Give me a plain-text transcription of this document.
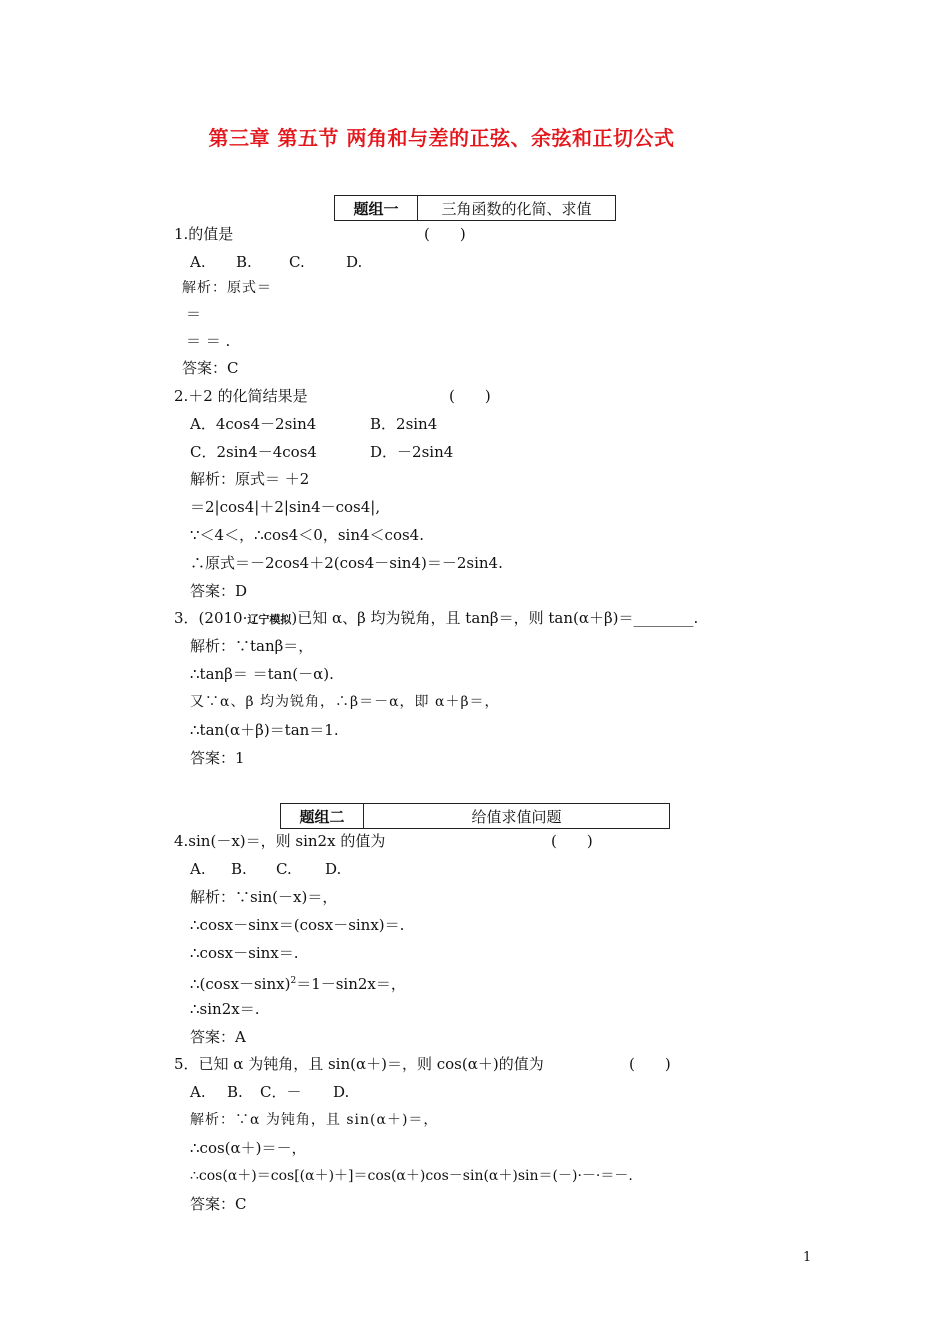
第三章 第五节 两角和与差的正弦、余弦和正切公式
题组一	三角函数的化简、求值
1.的值是	(　　)
A. B. C.	D.
解析：原式＝
＝
＝ ＝ .
答案：C
2.＋2 的化简结果是	(　　)
A．4cos4－2sin4	B．2sin4
C．2sin4－4cos4	D．－2sin4
解析：原式＝ ＋2
＝2|cos4|＋2|sin4－cos4|,
∵＜4＜，∴cos4＜0，sin4＜cos4.
∴原式＝－2cos4＋2(cos4－sin4)＝－2sin4.
答案：D
3．(2010·辽宁模拟)已知 α、β 均为锐角，且 tanβ＝，则 tan(α＋β)＝________.
解析：∵tanβ＝，
∴tanβ＝ ＝tan(－α).
又∵α、β 均为锐角，∴β＝－α，即 α＋β＝，
∴tan(α＋β)＝tan＝1.
答案：1
题组二	给值求值问题
4.sin(－x)＝，则 sin2x 的值为	(　　)
A. B. C. D.
解析：∵sin(－x)＝，
∴cosx－sinx＝(cosx－sinx)＝.
∴cosx－sinx＝.
$\therefore(\cos x-\sin x)^2=1-\sin 2x=$，
∴sin2x＝.
答案：A
5．已知 α 为钝角，且 sin(α＋)＝，则 cos(α＋)的值为	(　　)
A. B. C．－ D.
解析：∵α 为钝角，且 sin(α＋)＝，
∴cos(α＋)＝－，
∴cos(α＋)＝cos[(α＋)＋]＝cos(α＋)cos－sin(α＋)sin＝(－)·－·＝－.
答案：C
1
